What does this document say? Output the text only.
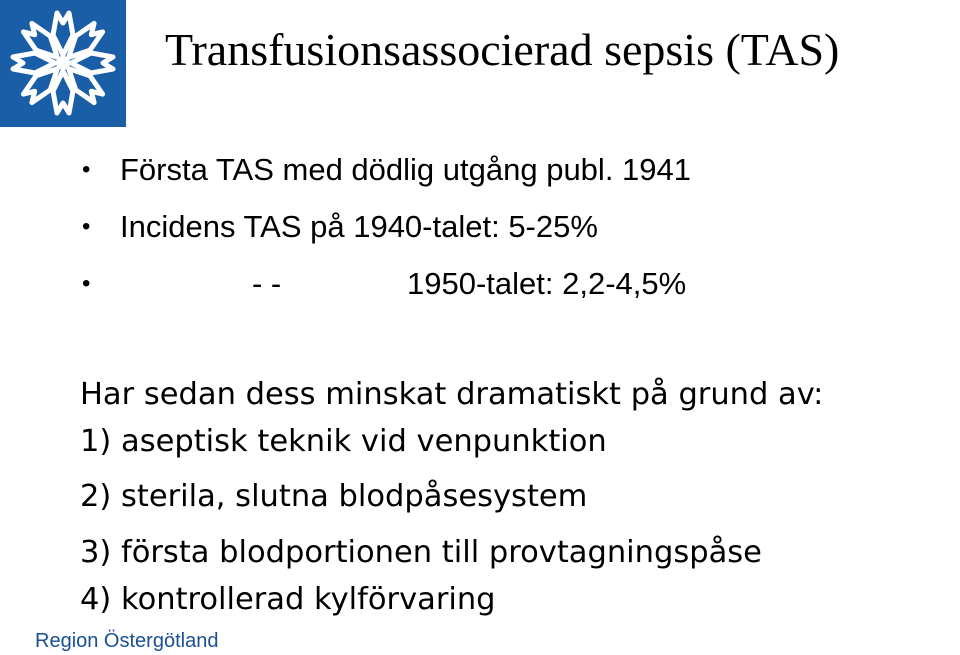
Transfusionsassocierad sepsis (TAS)
• Första TAS med dödlig utgång publ. 1941
• Incidens TAS på 1940-talet: 5-25%
•	- -	1950-talet: 2,2-4,5%
Har sedan dess minskat dramatiskt på grund av:
1) aseptisk teknik vid venpunktion
2) sterila, slutna blodpåsesystem
3) första blodportionen till provtagningspåse
4) kontrollerad kylförvaring
Region Östergötland
